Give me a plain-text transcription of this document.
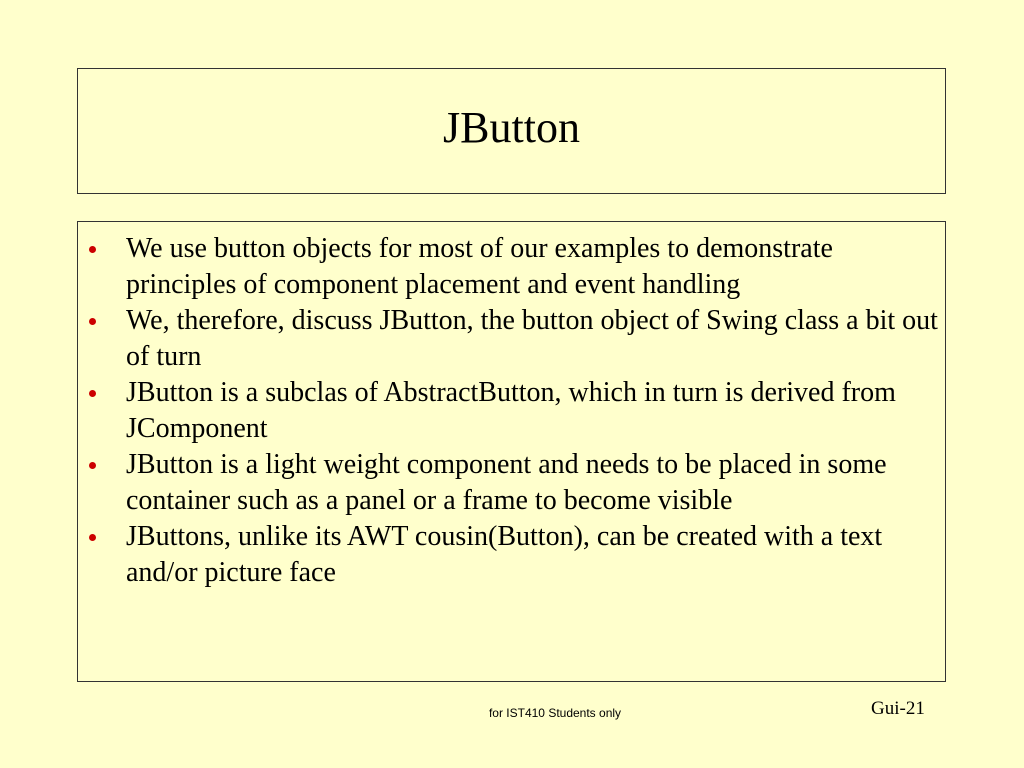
JButton
We use button objects for most of our examples to demonstrate principles of component placement and event handling
We, therefore, discuss JButton, the button object of Swing class a bit out of turn
JButton is a subclas of AbstractButton, which in turn is derived from JComponent
JButton is a light weight component and needs to be placed in some container such as a panel or a frame to become visible
JButtons, unlike its AWT cousin(Button), can be created with a text and/or picture face
for IST410 Students only	Gui-21
